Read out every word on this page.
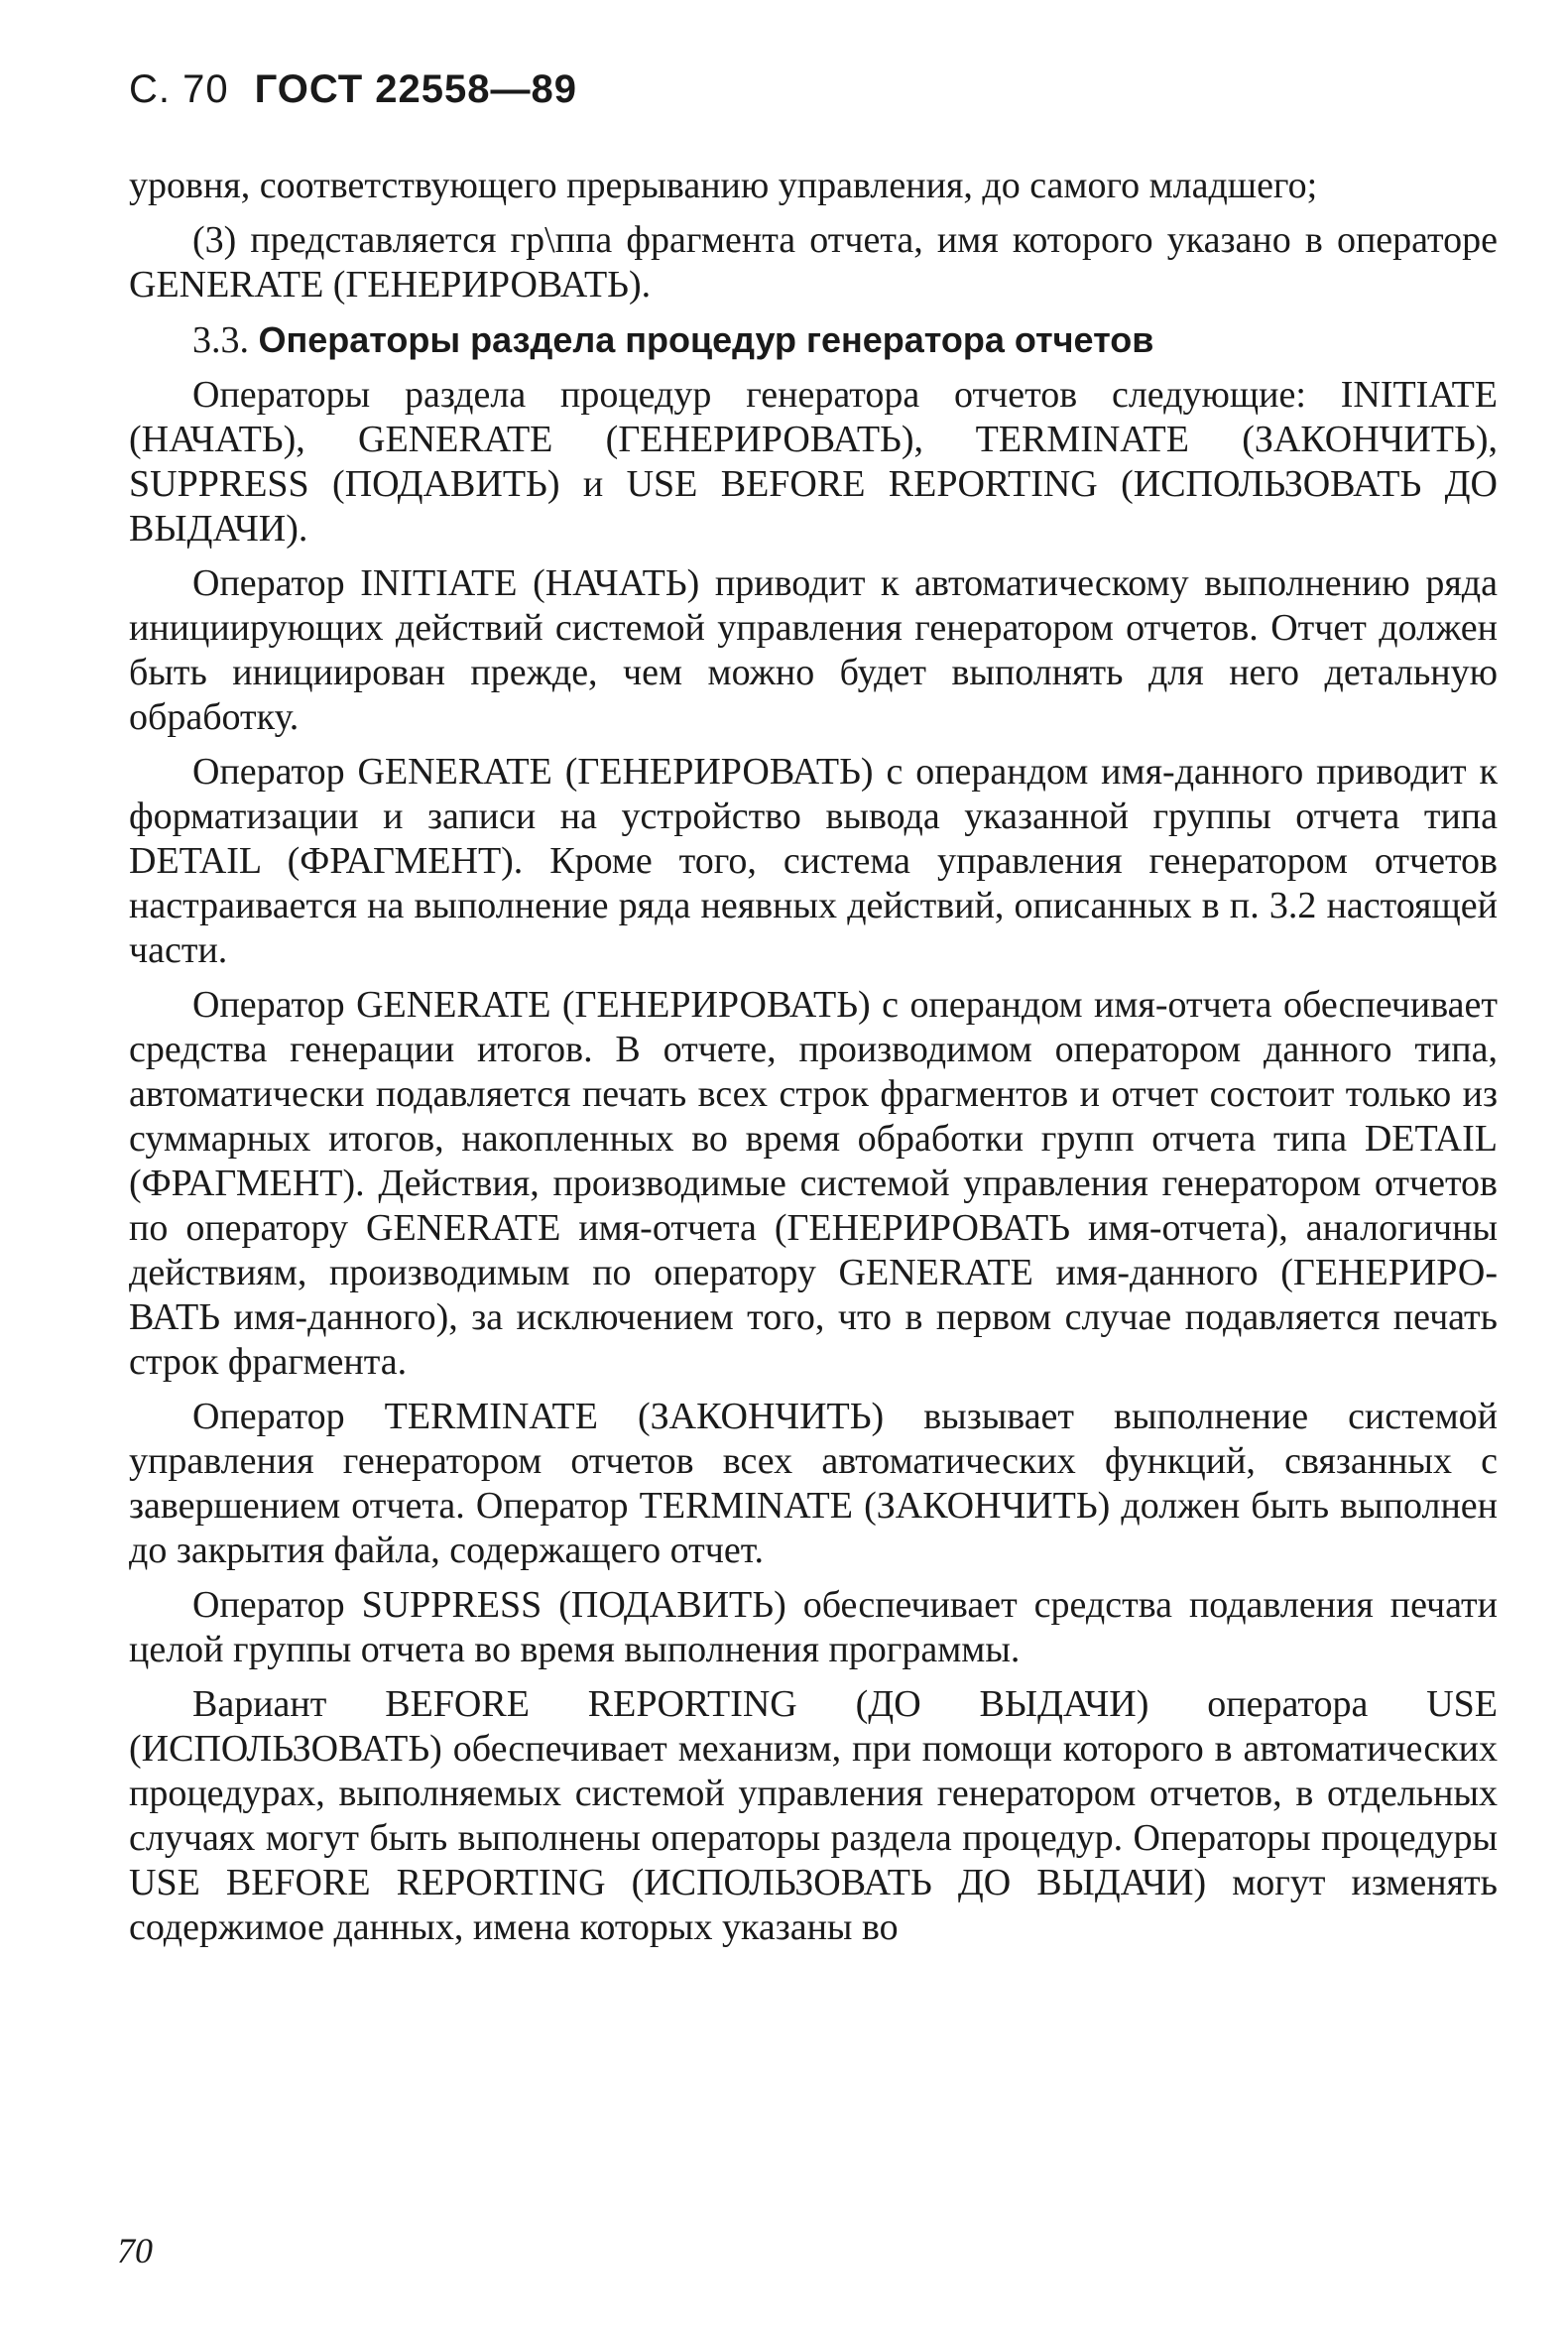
С. 70 ГОСТ 22558—89

уровня, соответствующего прерыванию управления, до самого младшего;

(3) представляется гр\ппа фрагмента отчета, имя которого указано в операторе GENERATE (ГЕНЕРИРОВАТЬ).

3.3. Операторы раздела процедур генератора отчетов

Операторы раздела процедур генератора отчетов следующие: INITIATE (НАЧАТЬ), GENERATE (ГЕНЕРИРОВАТЬ), TERMINATE (ЗАКОНЧИТЬ), SUPPRESS (ПОДАВИТЬ) и USE BEFORE REPORTING (ИСПОЛЬЗОВАТЬ ДО ВЫДАЧИ).

Оператор INITIATE (НАЧАТЬ) приводит к автоматическому выполнению ряда инициирующих действий системой управления генератором отчетов. Отчет должен быть инициирован прежде, чем можно будет выполнять для него детальную обработку.

Оператор GENERATE (ГЕНЕРИРОВАТЬ) с операндом имя-данного приводит к форматизации и записи на устройство вывода указанной группы отчета типа DETAIL (ФРАГМЕНТ). Кроме того, система управления генератором отчетов настраивается на выполнение ряда неявных действий, описанных в п. 3.2 настоящей части.

Оператор GENERATE (ГЕНЕРИРОВАТЬ) с операндом имя-отчета обеспечивает средства генерации итогов. В отчете, производимом оператором данного типа, автоматически подавляется печать всех строк фрагментов и отчет состоит только из суммарных итогов, накопленных во время обработки групп отчета типа DETAIL (ФРАГМЕНТ). Действия, производимые системой управления генератором отчетов по оператору GENERATE имя-отчета (ГЕНЕРИРОВАТЬ имя-отчета), аналогичны действиям, производимым по оператору GENERATE имя-данного (ГЕНЕРИРОВАТЬ имя-данного), за исключением того, что в первом случае подавляется печать строк фрагмента.

Оператор TERMINATE (ЗАКОНЧИТЬ) вызывает выполнение системой управления генератором отчетов всех автоматических функций, связанных с завершением отчета. Оператор TERMINATE (ЗАКОНЧИТЬ) должен быть выполнен до закрытия файла, содержащего отчет.

Оператор SUPPRESS (ПОДАВИТЬ) обеспечивает средства подавления печати целой группы отчета во время выполнения программы.

Вариант BEFORE REPORTING (ДО ВЫДАЧИ) оператора USE (ИСПОЛЬЗОВАТЬ) обеспечивает механизм, при помощи которого в автоматических процедурах, выполняемых системой управления генератором отчетов, в отдельных случаях могут быть выполнены операторы раздела процедур. Операторы процедуры USE BEFORE REPORTING (ИСПОЛЬЗОВАТЬ ДО ВЫДАЧИ) могут изменять содержимое данных, имена которых указаны во

70
